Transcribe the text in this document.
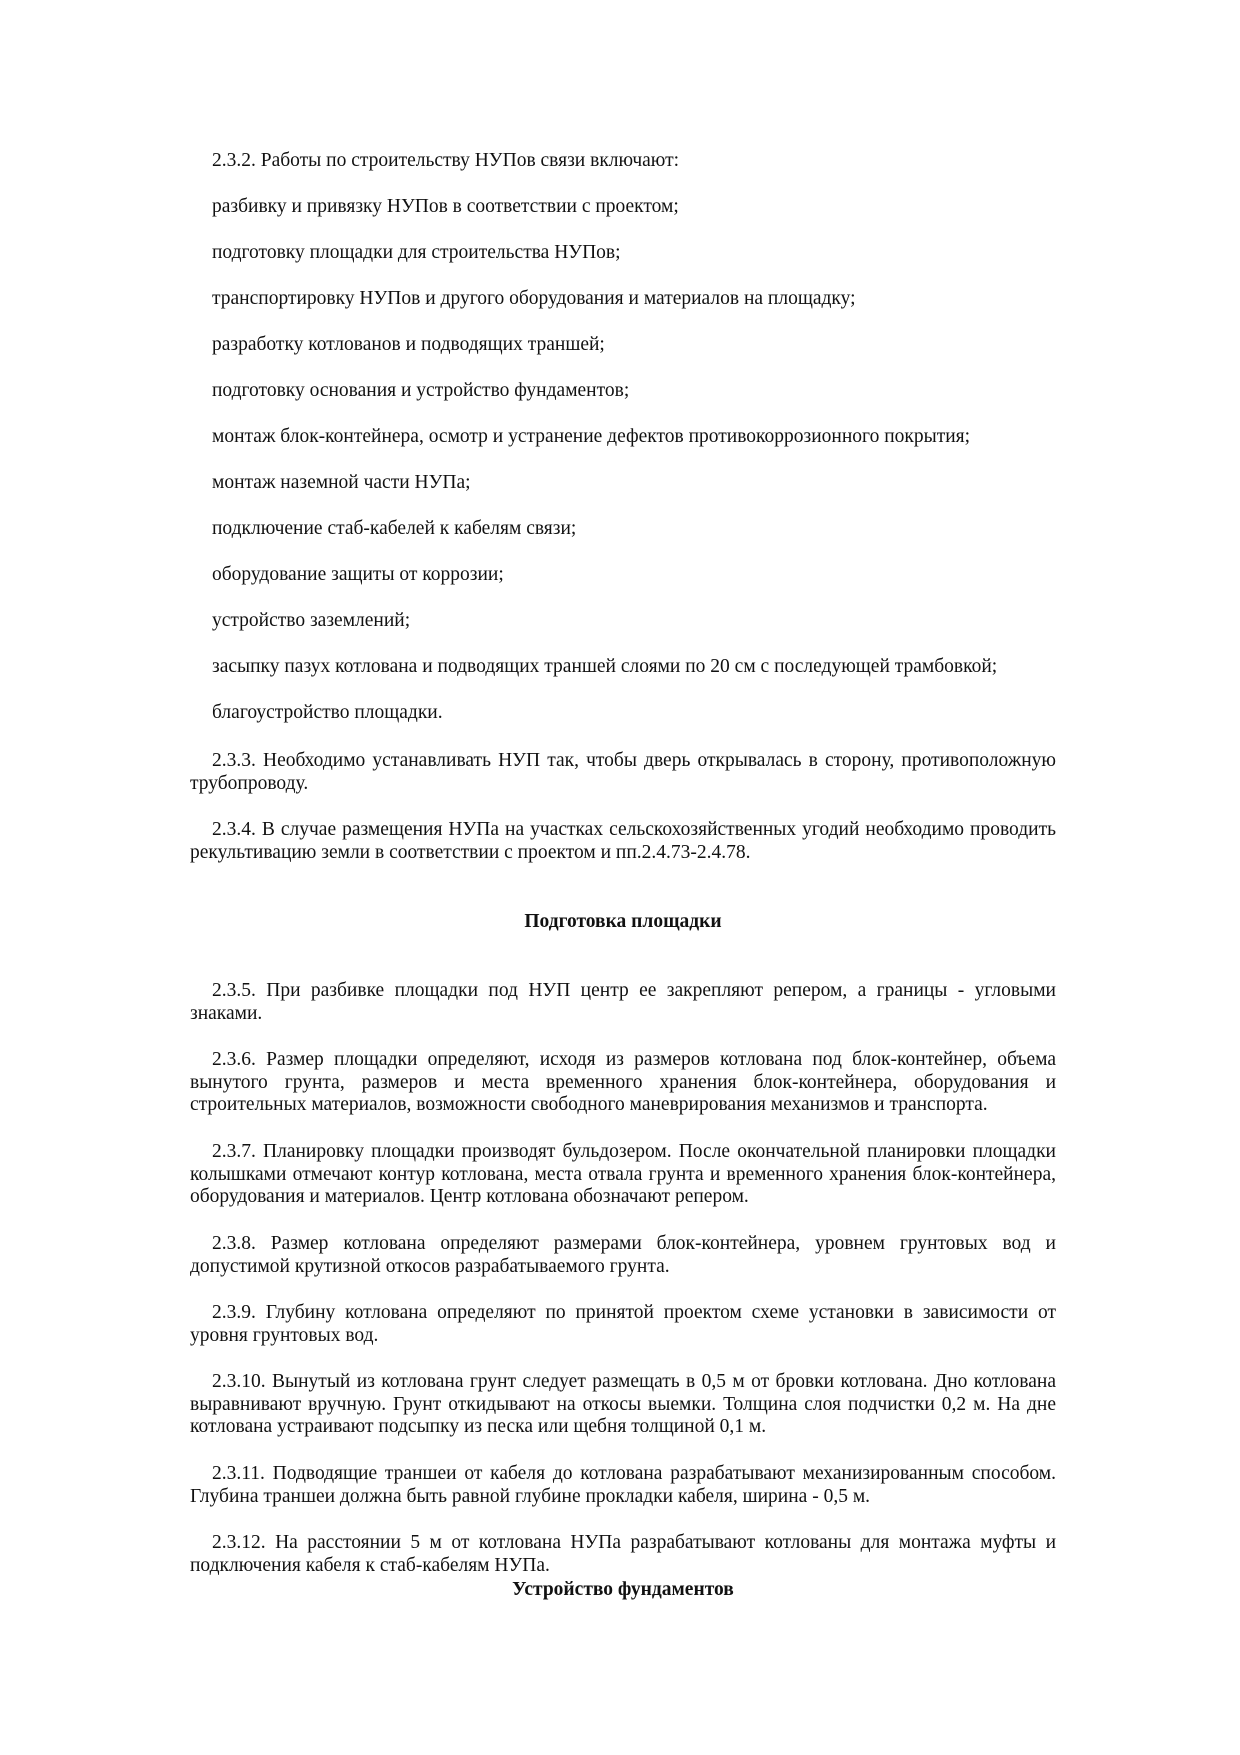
2.3.2. Работы по строительству НУПов связи включают:
разбивку и привязку НУПов в соответствии с проектом;
подготовку площадки для строительства НУПов;
транспортировку НУПов и другого оборудования и материалов на площадку;
разработку котлованов и подводящих траншей;
подготовку основания и устройство фундаментов;
монтаж блок-контейнера, осмотр и устранение дефектов противокоррозионного покрытия;
монтаж наземной части НУПа;
подключение стаб-кабелей к кабелям связи;
оборудование защиты от коррозии;
устройство заземлений;
засыпку пазух котлована и подводящих траншей слоями по 20 см с последующей трамбовкой;
благоустройство площадки.
2.3.3. Необходимо устанавливать НУП так, чтобы дверь открывалась в сторону, противоположную трубопроводу.
2.3.4. В случае размещения НУПа на участках сельскохозяйственных угодий необходимо проводить рекультивацию земли в соответствии с проектом и пп.2.4.73-2.4.78.
Подготовка площадки
2.3.5. При разбивке площадки под НУП центр ее закрепляют репером, а границы - угловыми знаками.
2.3.6. Размер площадки определяют, исходя из размеров котлована под блок-контейнер, объема вынутого грунта, размеров и места временного хранения блок-контейнера, оборудования и строительных материалов, возможности свободного маневрирования механизмов и транспорта.
2.3.7. Планировку площадки производят бульдозером. После окончательной планировки площадки колышками отмечают контур котлована, места отвала грунта и временного хранения блок-контейнера, оборудования и материалов. Центр котлована обозначают репером.
2.3.8. Размер котлована определяют размерами блок-контейнера, уровнем грунтовых вод и допустимой крутизной откосов разрабатываемого грунта.
2.3.9. Глубину котлована определяют по принятой проектом схеме установки в зависимости от уровня грунтовых вод.
2.3.10. Вынутый из котлована грунт следует размещать в 0,5 м от бровки котлована. Дно котлована выравнивают вручную. Грунт откидывают на откосы выемки. Толщина слоя подчистки 0,2 м. На дне котлована устраивают подсыпку из песка или щебня толщиной 0,1 м.
2.3.11. Подводящие траншеи от кабеля до котлована разрабатывают механизированным способом. Глубина траншеи должна быть равной глубине прокладки кабеля, ширина - 0,5 м.
2.3.12. На расстоянии 5 м от котлована НУПа разрабатывают котлованы для монтажа муфты и подключения кабеля к стаб-кабелям НУПа.
Устройство фундаментов
